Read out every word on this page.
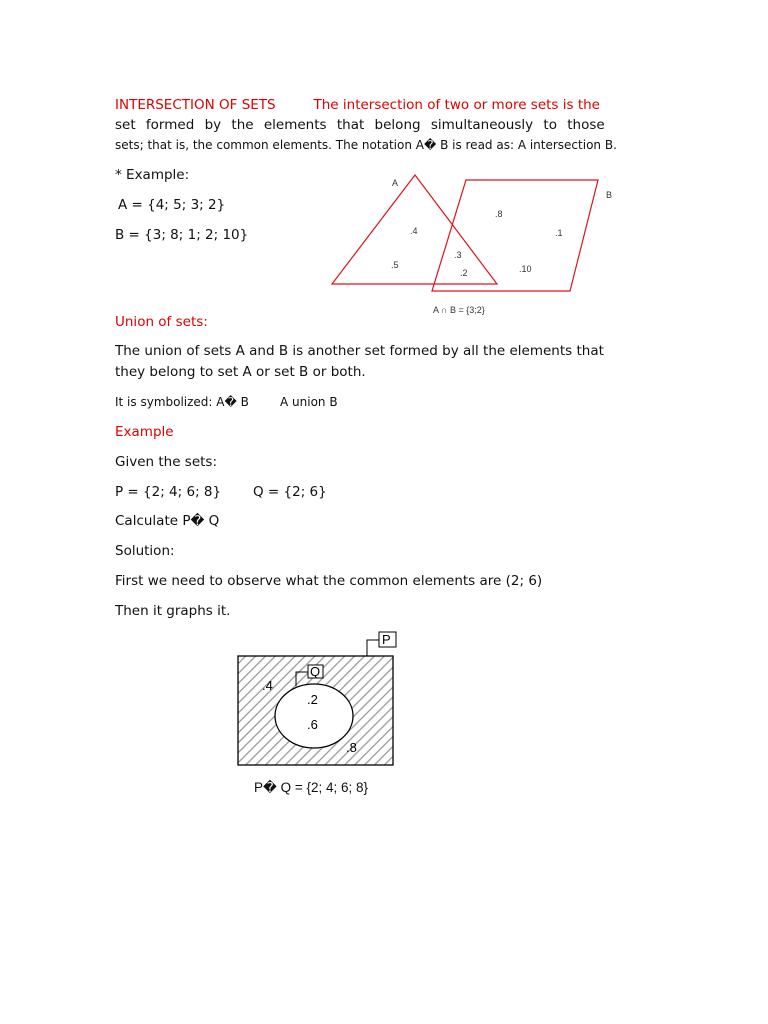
INTERSECTION OF SETS	The intersection of two or more sets is the
set formed by the elements that belong simultaneously to those
sets; that is, the common elements. The notation A� B is read as: A intersection B.
* Example:
A = {4; 5; 3; 2}
B = {3; 8; 1; 2; 10}
A
B
.8
.4	.1
.3
.5
.2	.10
A ∩ B = {3;2}
Union of sets:
The union of sets A and B is another set formed by all the elements that
they belong to set A or set B or both.
It is symbolized: A� B	A union B
Example
Given the sets:
P = {2; 4; 6; 8} Q = {2; 6}
Calculate P� Q
Solution:
First we need to observe what the common elements are (2; 6)
Then it graphs it.
P
Q
.4
.2
.6
.8
P� Q = {2; 4; 6; 8}
